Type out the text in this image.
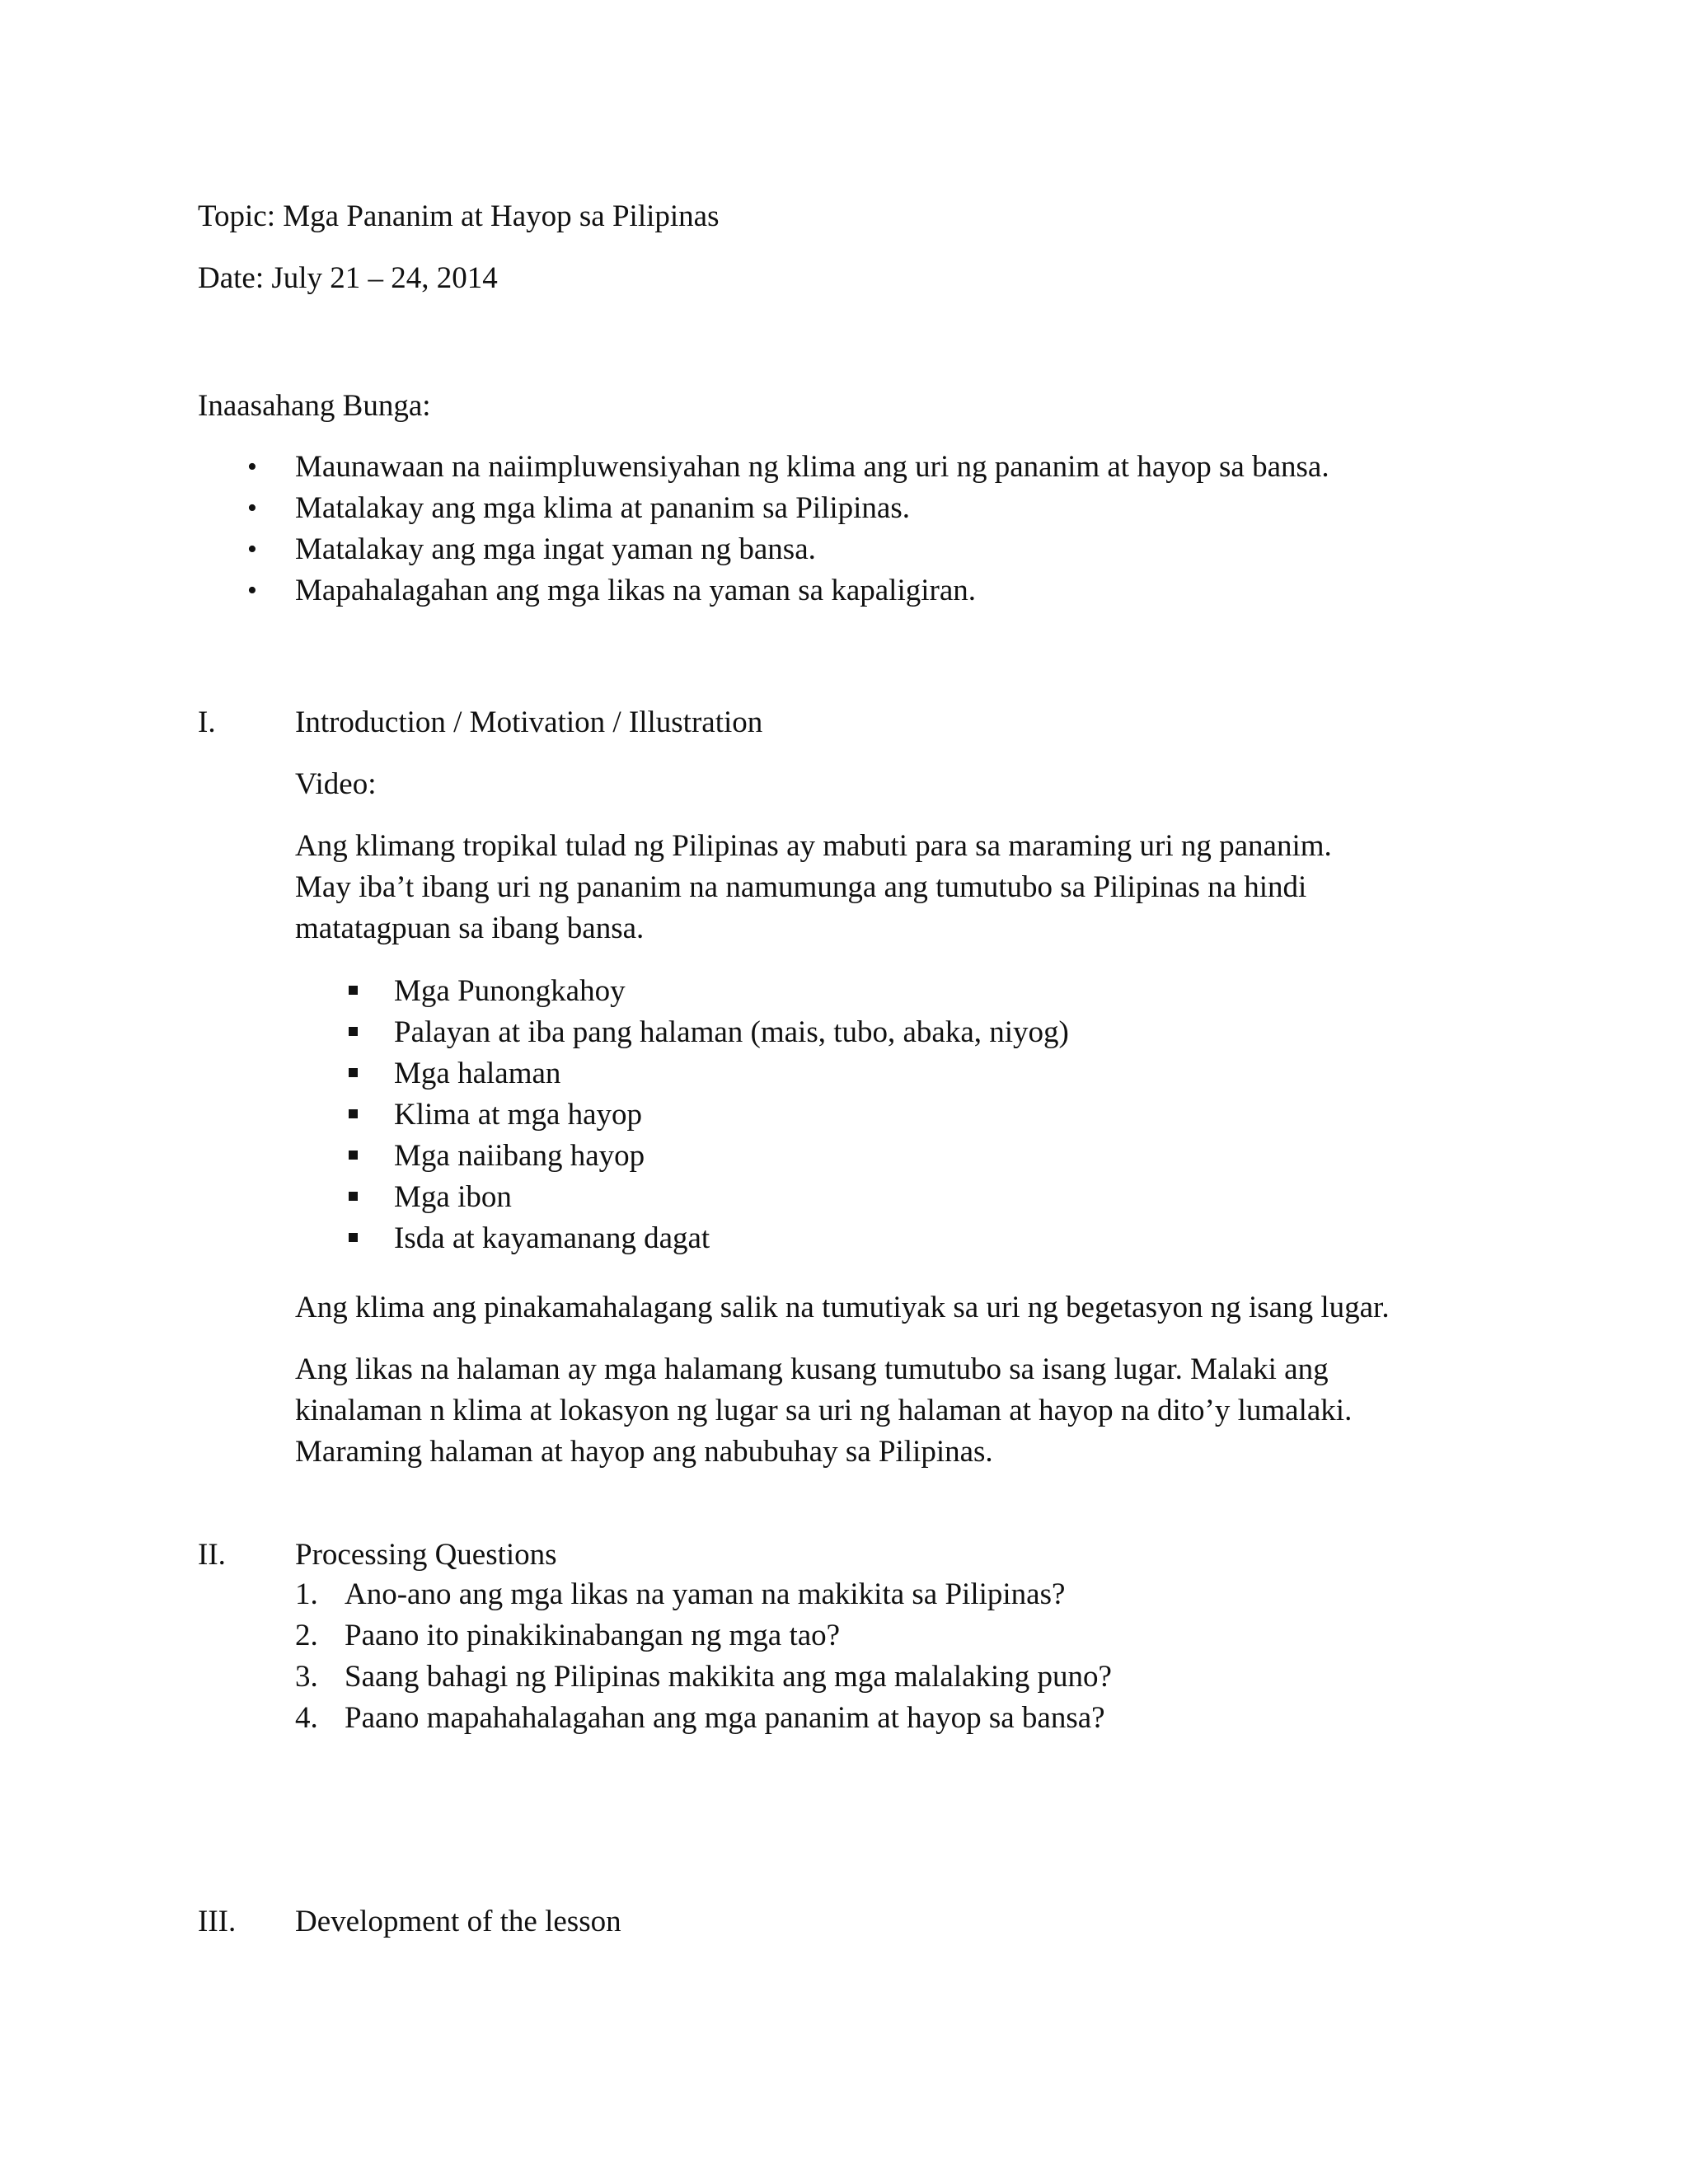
Topic: Mga Pananim at Hayop sa Pilipinas
Date: July 21 – 24, 2014
Inaasahang Bunga:
• Maunawaan na naiimpluwensiyahan ng klima ang uri ng pananim at hayop sa bansa.
• Matalakay ang mga klima at pananim sa Pilipinas.
• Matalakay ang mga ingat yaman ng bansa.
• Mapahalagahan ang mga likas na yaman sa kapaligiran.
I.	Introduction / Motivation / Illustration
Video:
Ang klimang tropikal tulad ng Pilipinas ay mabuti para sa maraming uri ng pananim.
May iba’t ibang uri ng pananim na namumunga ang tumutubo sa Pilipinas na hindi
matatagpuan sa ibang bansa.
Mga Punongkahoy
Palayan at iba pang halaman (mais, tubo, abaka, niyog)
Mga halaman
Klima at mga hayop
Mga naiibang hayop
Mga ibon
Isda at kayamanang dagat
Ang klima ang pinakamahalagang salik na tumutiyak sa uri ng begetasyon ng isang lugar.
Ang likas na halaman ay mga halamang kusang tumutubo sa isang lugar. Malaki ang
kinalaman n klima at lokasyon ng lugar sa uri ng halaman at hayop na dito’y lumalaki.
Maraming halaman at hayop ang nabubuhay sa Pilipinas.
II. Processing Questions
1. Ano-ano ang mga likas na yaman na makikita sa Pilipinas?
2. Paano ito pinakikinabangan ng mga tao?
3. Saang bahagi ng Pilipinas makikita ang mga malalaking puno?
4. Paano mapahahalagahan ang mga pananim at hayop sa bansa?
III. Development of the lesson
